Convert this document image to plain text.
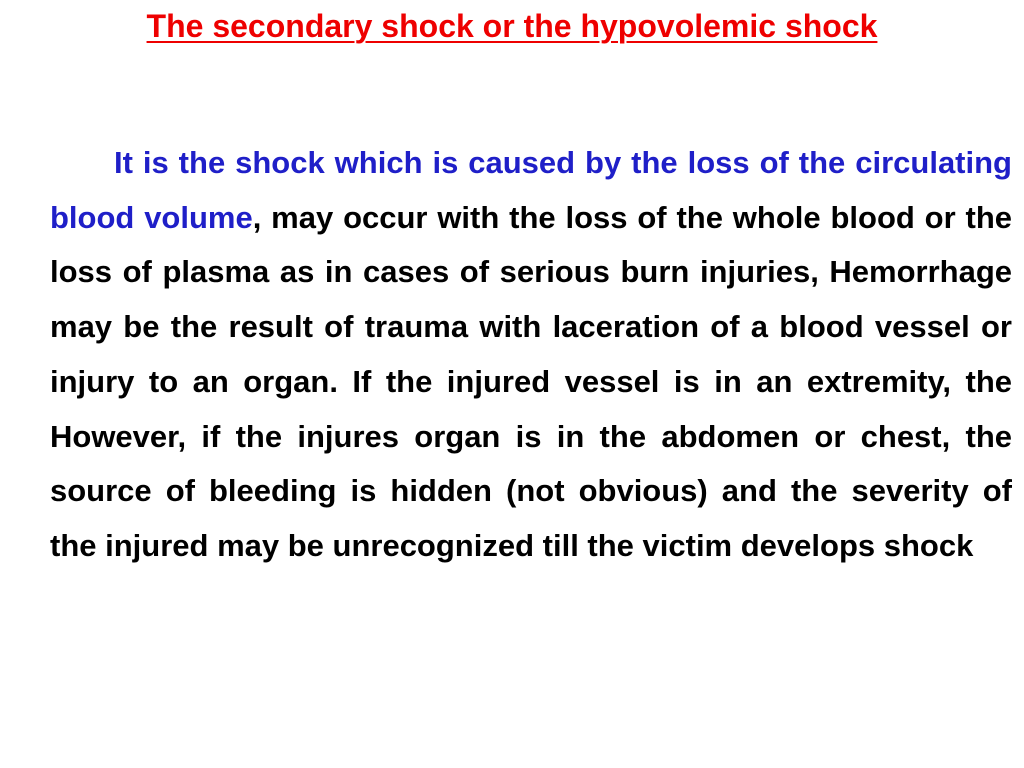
The secondary shock or the hypovolemic shock

It is the shock which is caused by the loss of the circulating blood volume, may occur with the loss of the whole blood or the loss of plasma as in cases of serious burn injuries, Hemorrhage may be the result of trauma with laceration of a blood vessel or injury to an organ. If the injured vessel is in an extremity, the However, if the injures organ is in the abdomen or chest, the source of bleeding is hidden (not obvious) and the severity of the injured may be unrecognized till the victim develops shock
